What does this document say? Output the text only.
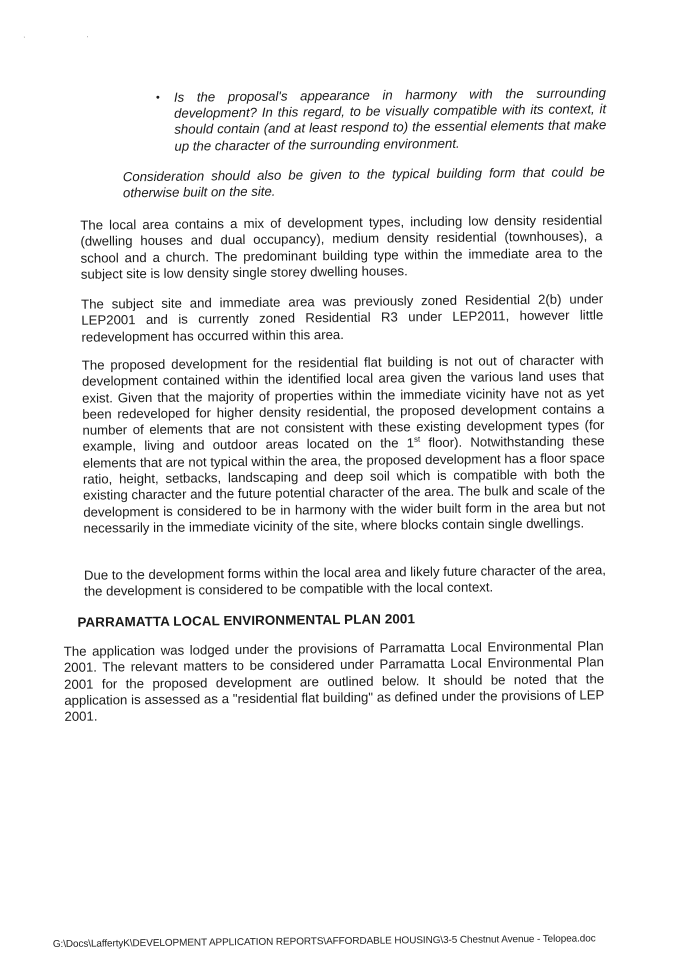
, ,
•	Is the proposal's appearance in harmony with the surrounding development? In this regard, to be visually compatible with its context, it should contain (and at least respond to) the essential elements that make up the character of the surrounding environment.
Consideration should also be given to the typical building form that could be otherwise built on the site.
The local area contains a mix of development types, including low density residential (dwelling houses and dual occupancy), medium density residential (townhouses), a school and a church. The predominant building type within the immediate area to the subject site is low density single storey dwelling houses.
The subject site and immediate area was previously zoned Residential 2(b) under LEP2001 and is currently zoned Residential R3 under LEP2011, however little redevelopment has occurred within this area.
The proposed development for the residential flat building is not out of character with development contained within the identified local area given the various land uses that exist. Given that the majority of properties within the immediate vicinity have not as yet been redeveloped for higher density residential, the proposed development contains a number of elements that are not consistent with these existing development types (for example, living and outdoor areas located on the 1st floor). Notwithstanding these elements that are not typical within the area, the proposed development has a floor space ratio, height, setbacks, landscaping and deep soil which is compatible with both the existing character and the future potential character of the area. The bulk and scale of the development is considered to be in harmony with the wider built form in the area but not necessarily in the immediate vicinity of the site, where blocks contain single dwellings.
Due to the development forms within the local area and likely future character of the area, the development is considered to be compatible with the local context.
PARRAMATTA LOCAL ENVIRONMENTAL PLAN 2001
The application was lodged under the provisions of Parramatta Local Environmental Plan 2001. The relevant matters to be considered under Parramatta Local Environmental Plan 2001 for the proposed development are outlined below. It should be noted that the application is assessed as a "residential flat building" as defined under the provisions of LEP 2001.
G:\Docs\LaffertyK\DEVELOPMENT APPLICATION REPORTS\AFFORDABLE HOUSING\3-5 Chestnut Avenue - Telopea.doc
